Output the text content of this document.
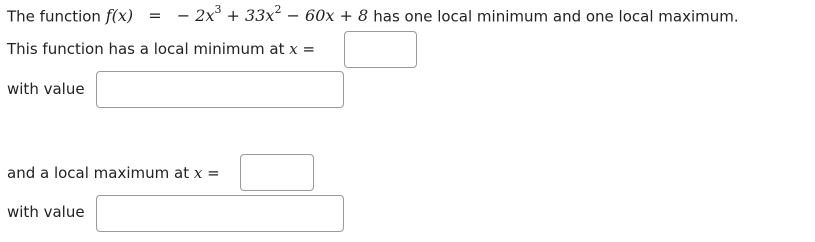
The function f(x) = − $2x^3 + 33x^2 - 60x + 8$ has one local minimum and one local maximum.
This function has a local minimum at x =
with value
and a local maximum at x =
with value
